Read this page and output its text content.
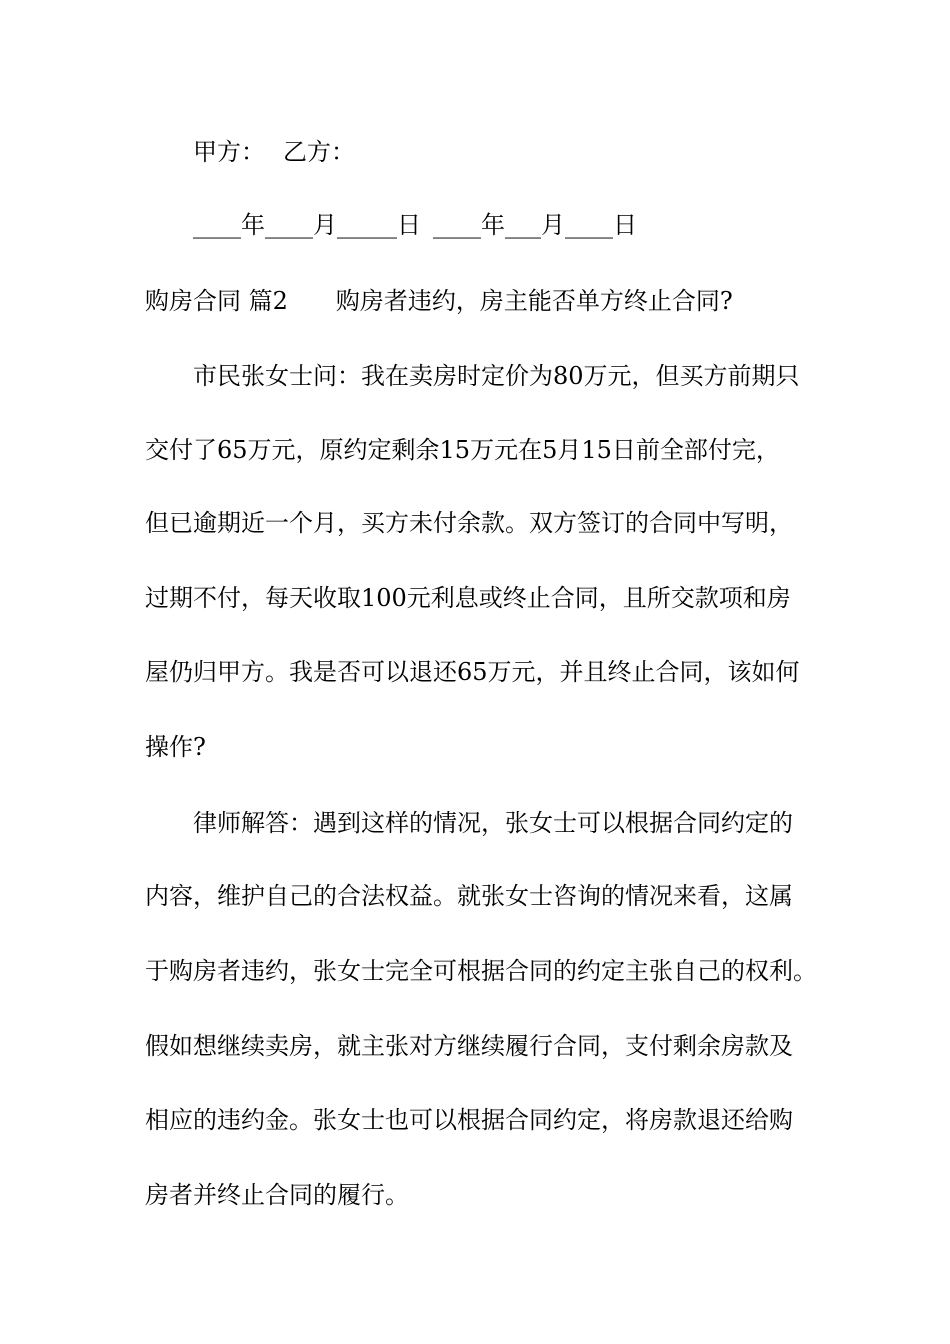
甲方： 乙方：
____年____月_____日 ____年___月____日
购房合同 篇2 购房者违约，房主能否单方终止合同?
市民张女士问：我在卖房时定价为80万元，但买方前期只
交付了65万元，原约定剩余15万元在5月15日前全部付完，
但已逾期近一个月，买方未付余款。双方签订的合同中写明，
过期不付，每天收取100元利息或终止合同，且所交款项和房
屋仍归甲方。我是否可以退还65万元，并且终止合同，该如何
操作?
律师解答：遇到这样的情况，张女士可以根据合同约定的
内容，维护自己的合法权益。就张女士咨询的情况来看，这属
于购房者违约，张女士完全可根据合同的约定主张自己的权利。
假如想继续卖房，就主张对方继续履行合同，支付剩余房款及
相应的违约金。张女士也可以根据合同约定，将房款退还给购
房者并终止合同的履行。
